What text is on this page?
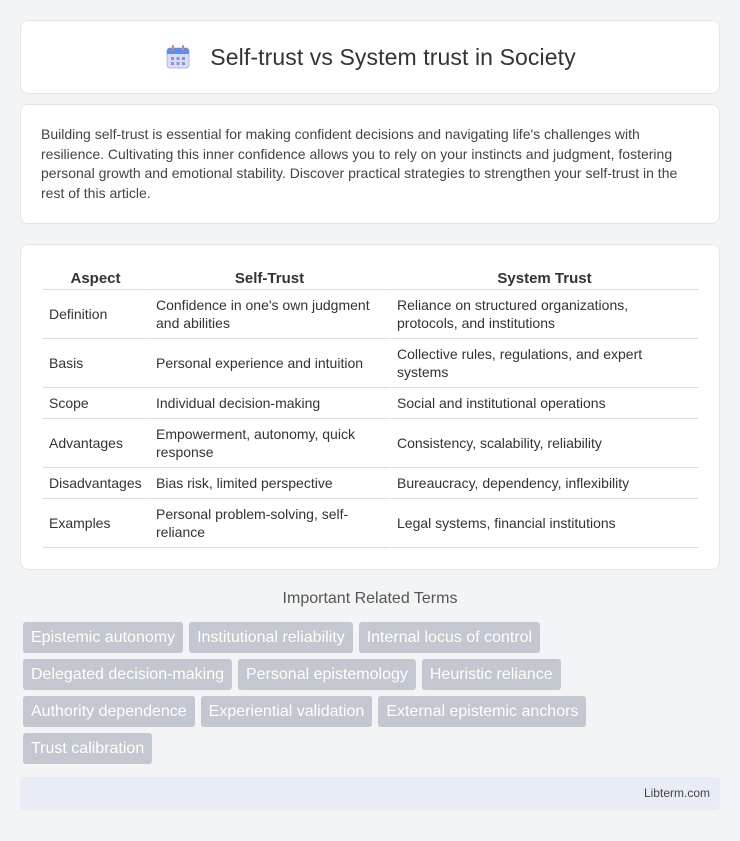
Self-trust vs System trust in Society

Building self-trust is essential for making confident decisions and navigating life's challenges with resilience. Cultivating this inner confidence allows you to rely on your instincts and judgment, fostering personal growth and emotional stability. Discover practical strategies to strengthen your self-trust in the rest of this article.

Aspect	Self-Trust	System Trust
Definition	Confidence in one's own judgment and abilities	Reliance on structured organizations, protocols, and institutions
Basis	Personal experience and intuition	Collective rules, regulations, and expert systems
Scope	Individual decision-making	Social and institutional operations
Advantages	Empowerment, autonomy, quick response	Consistency, scalability, reliability
Disadvantages	Bias risk, limited perspective	Bureaucracy, dependency, inflexibility
Examples	Personal problem-solving, self-reliance	Legal systems, financial institutions
Important Related Terms
Epistemic autonomy	Institutional reliability	Internal locus of control
Delegated decision-making	Personal epistemology	Heuristic reliance
Authority dependence	Experiential validation	External epistemic anchors
Trust calibration
Libterm.com
